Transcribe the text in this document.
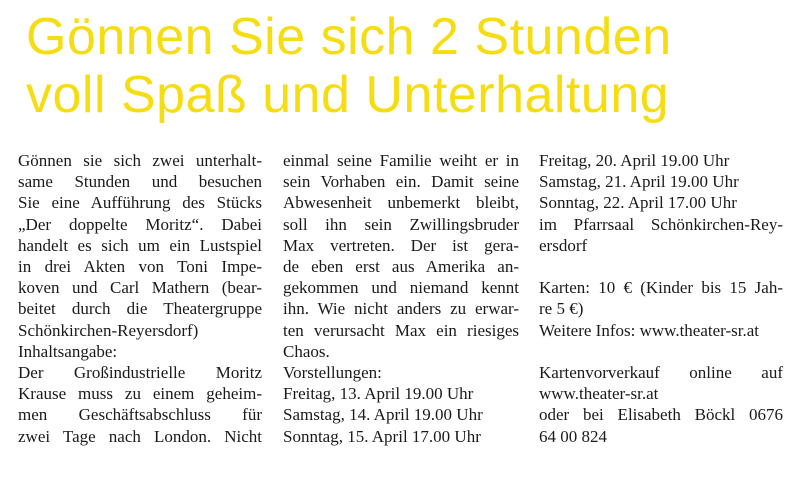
Gönnen Sie sich 2 Stunden
voll Spaß und Unterhaltung
Gönnen sie sich zwei unterhalt-
same Stunden und besuchen
Sie eine Aufführung des Stücks
„Der doppelte Moritz“. Dabei
handelt es sich um ein Lustspiel
in drei Akten von Toni Impe-
koven und Carl Mathern (bear-
beitet durch die Theatergruppe
Schönkirchen-Reyersdorf)
Inhaltsangabe:
Der Großindustrielle Moritz
Krause muss zu einem geheim-
men Geschäftsabschluss für
zwei Tage nach London. Nicht
einmal seine Familie weiht er in
sein Vorhaben ein. Damit seine
Abwesenheit unbemerkt bleibt,
soll ihn sein Zwillingsbruder
Max vertreten. Der ist gera-
de eben erst aus Amerika an-
gekommen und niemand kennt
ihn. Wie nicht anders zu erwar-
ten verursacht Max ein riesiges
Chaos.
Vorstellungen:
Freitag, 13. April 19.00 Uhr
Samstag, 14. April 19.00 Uhr
Sonntag, 15. April 17.00 Uhr
Freitag, 20. April 19.00 Uhr
Samstag, 21. April 19.00 Uhr
Sonntag, 22. April 17.00 Uhr
im Pfarrsaal Schönkirchen-Rey-
ersdorf
Karten: 10 € (Kinder bis 15 Jah-
re 5 €)
Weitere Infos: www.theater-sr.at
Kartenvorverkauf online auf
www.theater-sr.at
oder bei Elisabeth Böckl 0676
64 00 824
